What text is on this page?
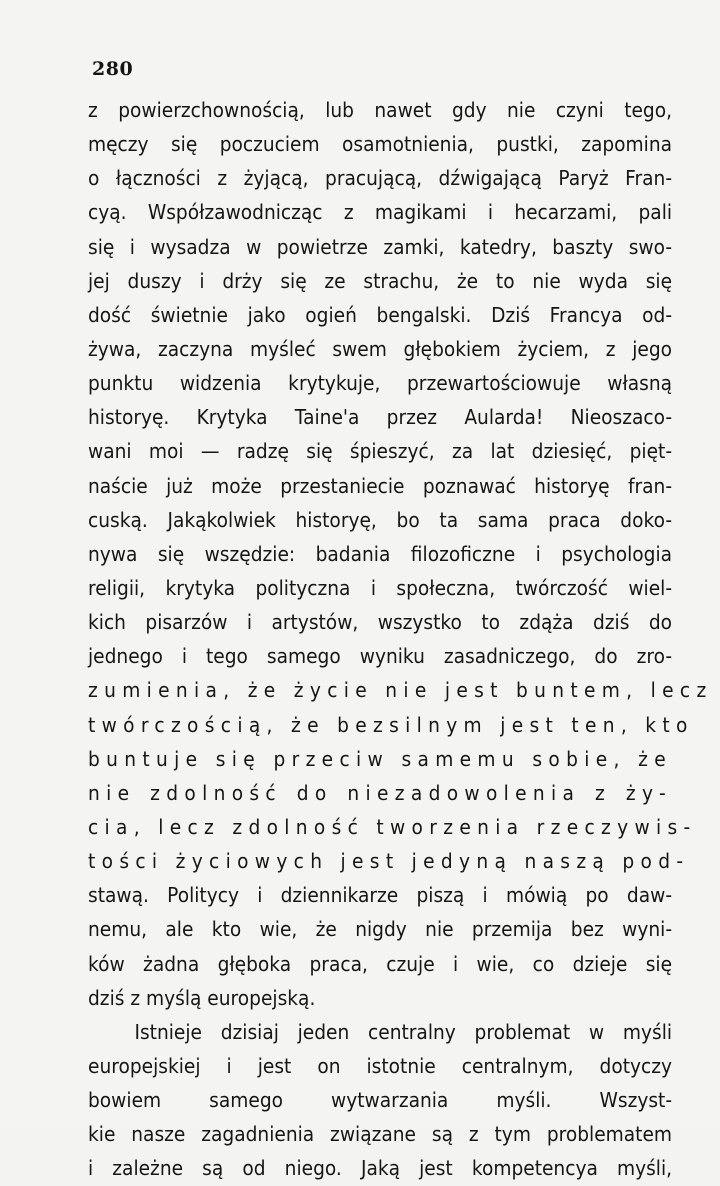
280
z powierzchownością, lub nawet gdy nie czyni tego,
męczy się poczuciem osamotnienia, pustki, zapomina
o łączności z żyjącą, pracującą, dźwigającą Paryż Fran-
cyą. Współzawodnicząc z magikami i hecarzami, pali
się i wysadza w powietrze zamki, katedry, baszty swo-
jej duszy i drży się ze strachu, że to nie wyda się
dość świetnie jako ogień bengalski. Dziś Francya od-
żywa, zaczyna myśleć swem głębokiem życiem, z jego
punktu widzenia krytykuje, przewartościowuje własną
historyę. Krytyka Taine'a przez Aularda! Nieoszaco-
wani moi — radzę się śpieszyć, za lat dziesięć, pięt-
naście już może przestaniecie poznawać historyę fran-
cuską. Jakąkolwiek historyę, bo ta sama praca doko-
nywa się wszędzie: badania filozoficzne i psychologia
religii, krytyka polityczna i społeczna, twórczość wiel-
kich pisarzów i artystów, wszystko to zdąża dziś do
jednego i tego samego wyniku zasadniczego, do zro-
zumienia, że życie nie jest buntem, lecz
twórczością, że bezsilnym jest ten, kto
buntuje się przeciw samemu sobie, że
nie zdolność do niezadowolenia z ży-
cia, lecz zdolność tworzenia rzeczywis-
tości życiowych jest jedyną naszą pod-
stawą. Politycy i dziennikarze piszą i mówią po daw-
nemu, ale kto wie, że nigdy nie przemija bez wyni-
ków żadna głęboka praca, czuje i wie, co dzieje się
dziś z myślą europejską.
Istnieje dzisiaj jeden centralny problemat w myśli
europejskiej i jest on istotnie centralnym, dotyczy
bowiem samego wytwarzania myśli. Wszyst-
kie nasze zagadnienia związane są z tym problematem
i zależne są od niego. Jaką jest kompetencya myśli,
